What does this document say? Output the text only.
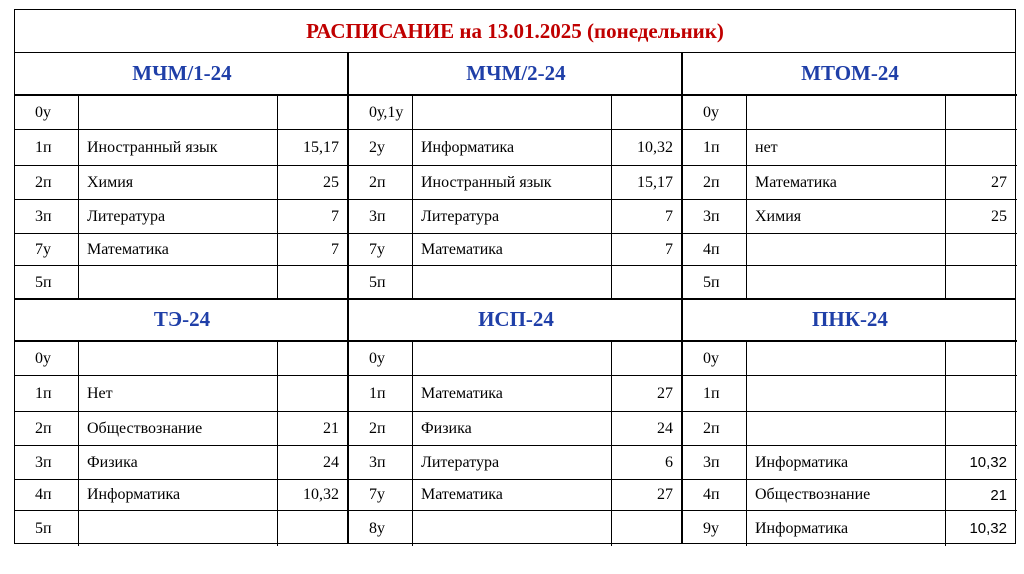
РАСПИСАНИЕ на 13.01.2025 (понедельник)
МЧМ/1-24
0у
1п	Иностранный язык	15,17
2п	Химия	25
3п	Литература	7
7у	Математика	7
5п
МЧМ/2-24
0у,1у
2у	Информатика	10,32
2п	Иностранный язык	15,17
3п	Литература	7
7у	Математика	7
5п
МТОМ-24
0у
1п	нет
2п	Математика	27
3п	Химия	25
4п
5п
ТЭ-24
0у
1п	Нет
2п	Обществознание	21
3п	Физика	24
4п	Информатика	10,32
5п
ИСП-24
0у
1п	Математика	27
2п	Физика	24
3п	Литература	6
7у	Математика	27
8у
ПНК-24
0у
1п
2п
3п	Информатика	10,32
4п	Обществознание	21
9у	Информатика	10,32
